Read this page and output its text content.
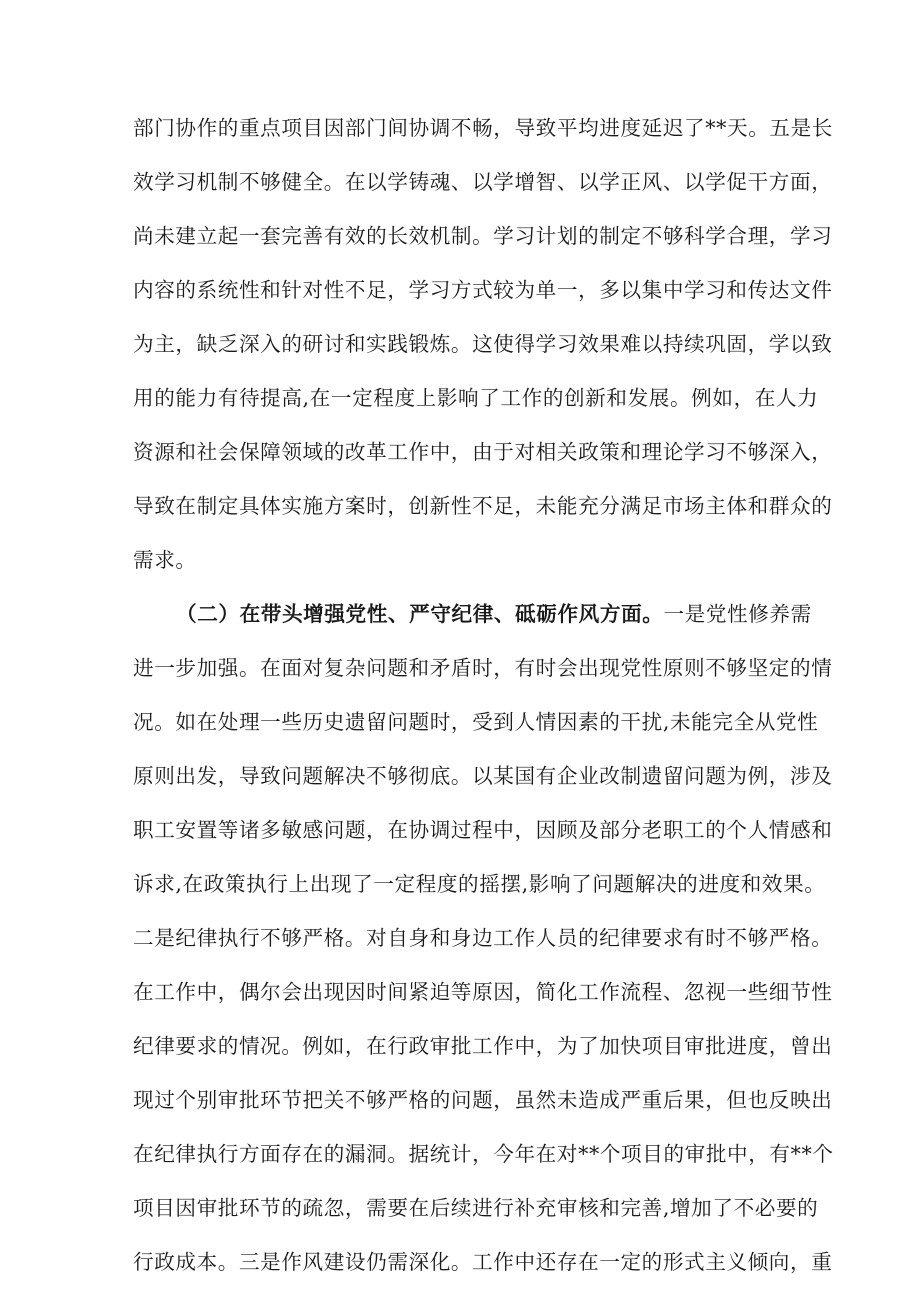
部门协作的重点项目因部门间协调不畅，导致平均进度延迟了**天。五是长
效学习机制不够健全。在以学铸魂、以学增智、以学正风、以学促干方面，
尚未建立起一套完善有效的长效机制。学习计划的制定不够科学合理，学习
内容的系统性和针对性不足，学习方式较为单一，多以集中学习和传达文件
为主，缺乏深入的研讨和实践锻炼。这使得学习效果难以持续巩固，学以致
用的能力有待提高,在一定程度上影响了工作的创新和发展。例如，在人力
资源和社会保障领域的改革工作中，由于对相关政策和理论学习不够深入，
导致在制定具体实施方案时，创新性不足，未能充分满足市场主体和群众的
需求。
（二）在带头增强党性、严守纪律、砥砺作风方面。一是党性修养需
进一步加强。在面对复杂问题和矛盾时，有时会出现党性原则不够坚定的情
况。如在处理一些历史遗留问题时，受到人情因素的干扰,未能完全从党性
原则出发，导致问题解决不够彻底。以某国有企业改制遗留问题为例，涉及
职工安置等诸多敏感问题，在协调过程中，因顾及部分老职工的个人情感和
诉求,在政策执行上出现了一定程度的摇摆,影响了问题解决的进度和效果。
二是纪律执行不够严格。对自身和身边工作人员的纪律要求有时不够严格。
在工作中，偶尔会出现因时间紧迫等原因，简化工作流程、忽视一些细节性
纪律要求的情况。例如，在行政审批工作中，为了加快项目审批进度，曾出
现过个别审批环节把关不够严格的问题，虽然未造成严重后果，但也反映出
在纪律执行方面存在的漏洞。据统计，今年在对**个项目的审批中，有**个
项目因审批环节的疏忽，需要在后续进行补充审核和完善,增加了不必要的
行政成本。三是作风建设仍需深化。工作中还存在一定的形式主义倾向，重
